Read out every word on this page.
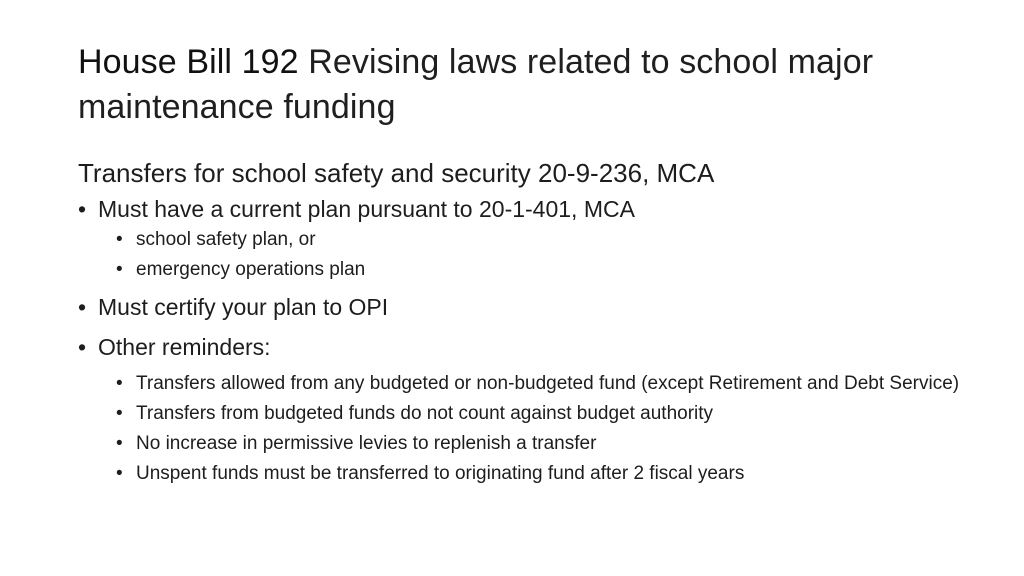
House Bill 192 Revising laws related to school major maintenance funding
Transfers for school safety and security 20-9-236, MCA
• Must have a current plan pursuant to 20-1-401, MCA
• school safety plan, or
• emergency operations plan
• Must certify your plan to OPI
• Other reminders:
• Transfers allowed from any budgeted or non-budgeted fund (except Retirement and Debt Service)
• Transfers from budgeted funds do not count against budget authority
• No increase in permissive levies to replenish a transfer
• Unspent funds must be transferred to originating fund after 2 fiscal years
